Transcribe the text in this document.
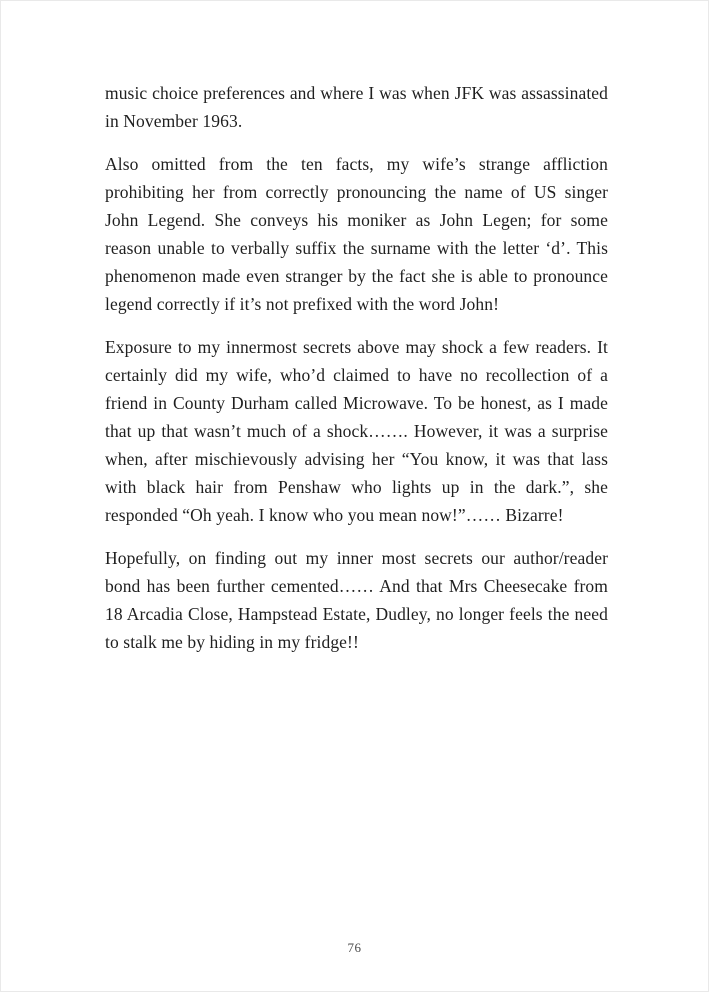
music choice preferences and where I was when JFK was assassinated in November 1963.

Also omitted from the ten facts, my wife’s strange affliction prohibiting her from correctly pronouncing the name of US singer John Legend. She conveys his moniker as John Legen; for some reason unable to verbally suffix the surname with the letter ‘d’. This phenomenon made even stranger by the fact she is able to pronounce legend correctly if it’s not prefixed with the word John!

Exposure to my innermost secrets above may shock a few readers. It certainly did my wife, who’d claimed to have no recollection of a friend in County Durham called Microwave. To be honest, as I made that up that wasn’t much of a shock……. However, it was a surprise when, after mischievously advising her “You know, it was that lass with black hair from Penshaw who lights up in the dark.”, she responded “Oh yeah. I know who you mean now!”…… Bizarre!

Hopefully, on finding out my inner most secrets our author/reader bond has been further cemented…… And that Mrs Cheesecake from 18 Arcadia Close, Hampstead Estate, Dudley, no longer feels the need to stalk me by hiding in my fridge!!

76
